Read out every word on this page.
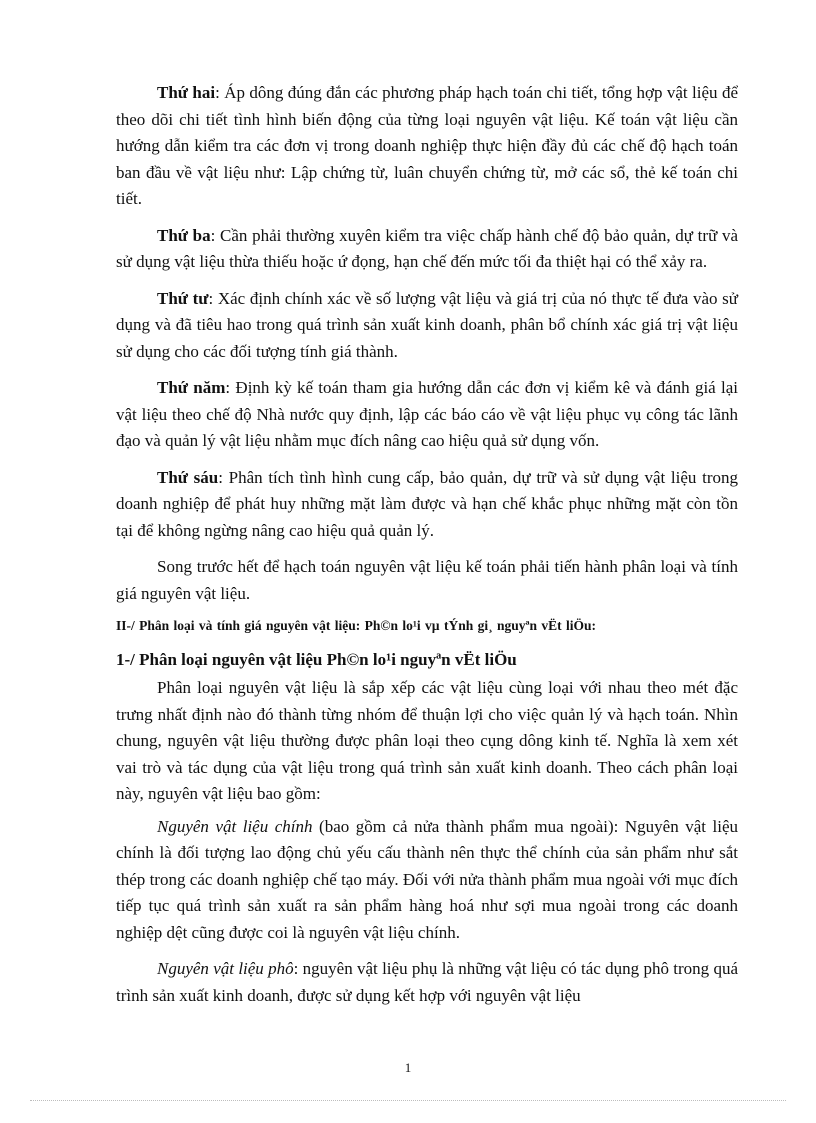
Thứ hai: Áp dông đúng đắn các phương pháp hạch toán chi tiết, tổng hợp vật liệu để theo dõi chi tiết tình hình biến động của từng loại nguyên vật liệu. Kế toán vật liệu cần hướng dẫn kiểm tra các đơn vị trong doanh nghiệp thực hiện đầy đủ các chế độ hạch toán ban đầu về vật liệu như: Lập chứng từ, luân chuyển chứng từ, mở các sổ, thẻ kế toán chi tiết.

Thứ ba: Cần phải thường xuyên kiểm tra việc chấp hành chế độ bảo quản, dự trữ và sử dụng vật liệu thừa thiếu hoặc ứ đọng, hạn chế đến mức tối đa thiệt hại có thể xảy ra.

Thứ tư: Xác định chính xác về số lượng vật liệu và giá trị của nó thực tế đưa vào sử dụng và đã tiêu hao trong quá trình sản xuất kinh doanh, phân bổ chính xác giá trị vật liệu sử dụng cho các đối tượng tính giá thành.

Thứ năm: Định kỳ kế toán tham gia hướng dẫn các đơn vị kiểm kê và đánh giá lại vật liệu theo chế độ Nhà nước quy định, lập các báo cáo về vật liệu phục vụ công tác lãnh đạo và quản lý vật liệu nhằm mục đích nâng cao hiệu quả sử dụng vốn.

Thứ sáu: Phân tích tình hình cung cấp, bảo quản, dự trữ và sử dụng vật liệu trong doanh nghiệp để phát huy những mặt làm được và hạn chế khắc phục những mặt còn tồn tại để không ngừng nâng cao hiệu quả quản lý.

Song trước hết để hạch toán nguyên vật liệu kế toán phải tiến hành phân loại và tính giá nguyên vật liệu.

II-/ Phân loại và tính giá nguyên vật liệu: Ph©n lo¹i vµ tÝnh gi¸ nguyªn vËt liÖu:
1-/ Phân loại nguyên vật liệu Ph©n lo¹i nguyªn vËt liÖu

Phân loại nguyên vật liệu là sắp xếp các vật liệu cùng loại với nhau theo mét đặc trưng nhất định nào đó thành từng nhóm để thuận lợi cho việc quản lý và hạch toán. Nhìn chung, nguyên vật liệu thường được phân loại theo cụng dông kinh tế. Nghĩa là xem xét vai trò và tác dụng của vật liệu trong quá trình sản xuất kinh doanh. Theo cách phân loại này, nguyên vật liệu bao gồm:

Nguyên vật liệu chính (bao gồm cả nửa thành phẩm mua ngoài): Nguyên vật liệu chính là đối tượng lao động chủ yếu cấu thành nên thực thể chính của sản phẩm như sắt thép trong các doanh nghiệp chế tạo máy. Đối với nửa thành phẩm mua ngoài với mục đích tiếp tục quá trình sản xuất ra sản phẩm hàng hoá như sợi mua ngoài trong các doanh nghiệp dệt cũng được coi là nguyên vật liệu chính.

Nguyên vật liệu phô: nguyên vật liệu phụ là những vật liệu có tác dụng phô trong quá trình sản xuất kinh doanh, được sử dụng kết hợp với nguyên vật liệu

1
